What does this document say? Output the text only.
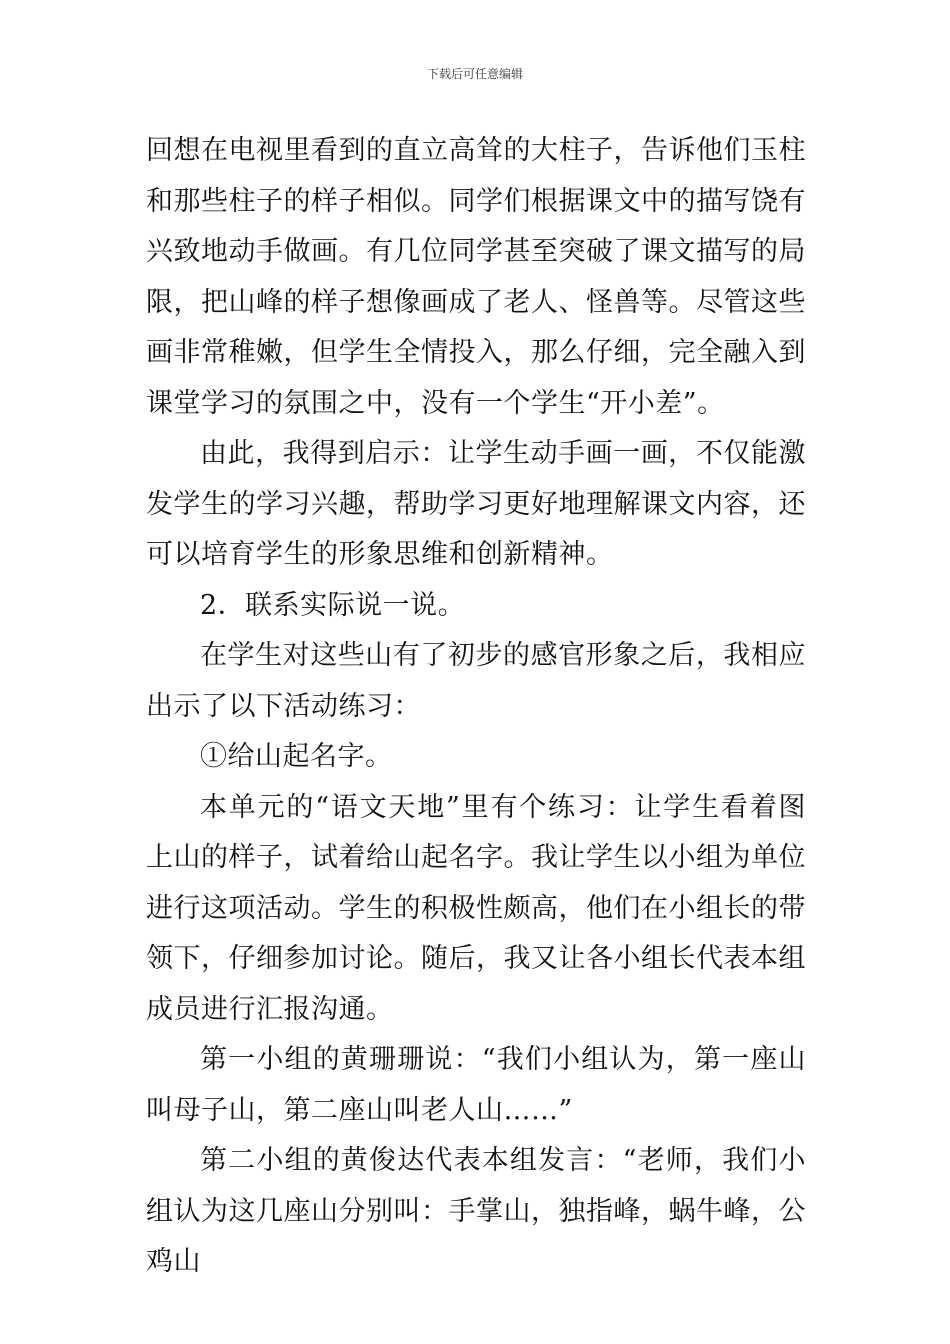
下载后可任意编辑

回想在电视里看到的直立高耸的大柱子，告诉他们玉柱和那些柱子的样子相似。同学们根据课文中的描写饶有兴致地动手做画。有几位同学甚至突破了课文描写的局限，把山峰的样子想像画成了老人、怪兽等。尽管这些画非常稚嫩，但学生全情投入，那么仔细，完全融入到课堂学习的氛围之中，没有一个学生“开小差”。

由此，我得到启示：让学生动手画一画，不仅能激发学生的学习兴趣，帮助学习更好地理解课文内容，还可以培育学生的形象思维和创新精神。

2．联系实际说一说。

在学生对这些山有了初步的感官形象之后，我相应出示了以下活动练习：

①给山起名字。

本单元的“语文天地”里有个练习：让学生看着图上山的样子，试着给山起名字。我让学生以小组为单位进行这项活动。学生的积极性颇高，他们在小组长的带领下，仔细参加讨论。随后，我又让各小组长代表本组成员进行汇报沟通。

第一小组的黄珊珊说：“我们小组认为，第一座山叫母子山，第二座山叫老人山……”

第二小组的黄俊达代表本组发言：“老师，我们小组认为这几座山分别叫：手掌山，独指峰，蜗牛峰，公鸡山
